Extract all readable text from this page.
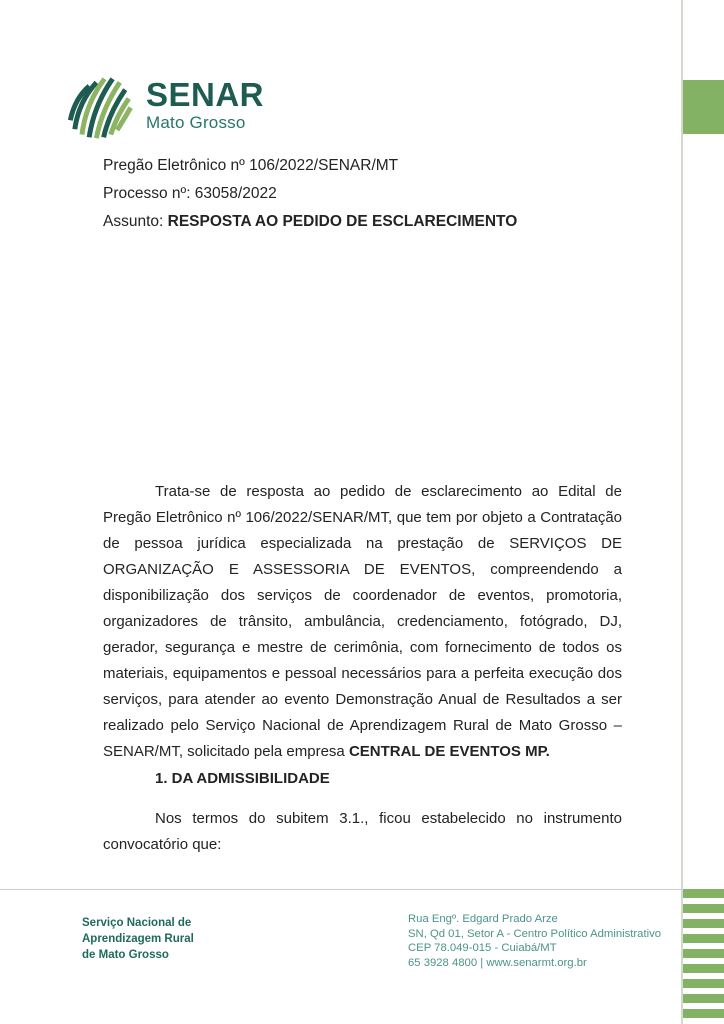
SENAR
Mato Grosso
Pregão Eletrônico nº 106/2022/SENAR/MT
Processo nº: 63058/2022
Assunto: RESPOSTA AO PEDIDO DE ESCLARECIMENTO
Trata-se de resposta ao pedido de esclarecimento ao Edital de Pregão Eletrônico nº 106/2022/SENAR/MT, que tem por objeto a Contratação de pessoa jurídica especializada na prestação de SERVIÇOS DE ORGANIZAÇÃO E ASSESSORIA DE EVENTOS, compreendendo a disponibilização dos serviços de coordenador de eventos, promotoria, organizadores de trânsito, ambulância, credenciamento, fotógrado, DJ, gerador, segurança e mestre de cerimônia, com fornecimento de todos os materiais, equipamentos e pessoal necessários para a perfeita execução dos serviços, para atender ao evento Demonstração Anual de Resultados a ser realizado pelo Serviço Nacional de Aprendizagem Rural de Mato Grosso – SENAR/MT, solicitado pela empresa CENTRAL DE EVENTOS MP.
1. DA ADMISSIBILIDADE
Nos termos do subitem 3.1., ficou estabelecido no instrumento convocatório que:
Serviço Nacional de
Aprendizagem Rural
de Mato Grosso
Rua Engº. Edgard Prado Arze
SN, Qd 01, Setor A - Centro Político Administrativo
CEP 78.049-015 - Cuiabá/MT
65 3928 4800 | www.senarmt.org.br
